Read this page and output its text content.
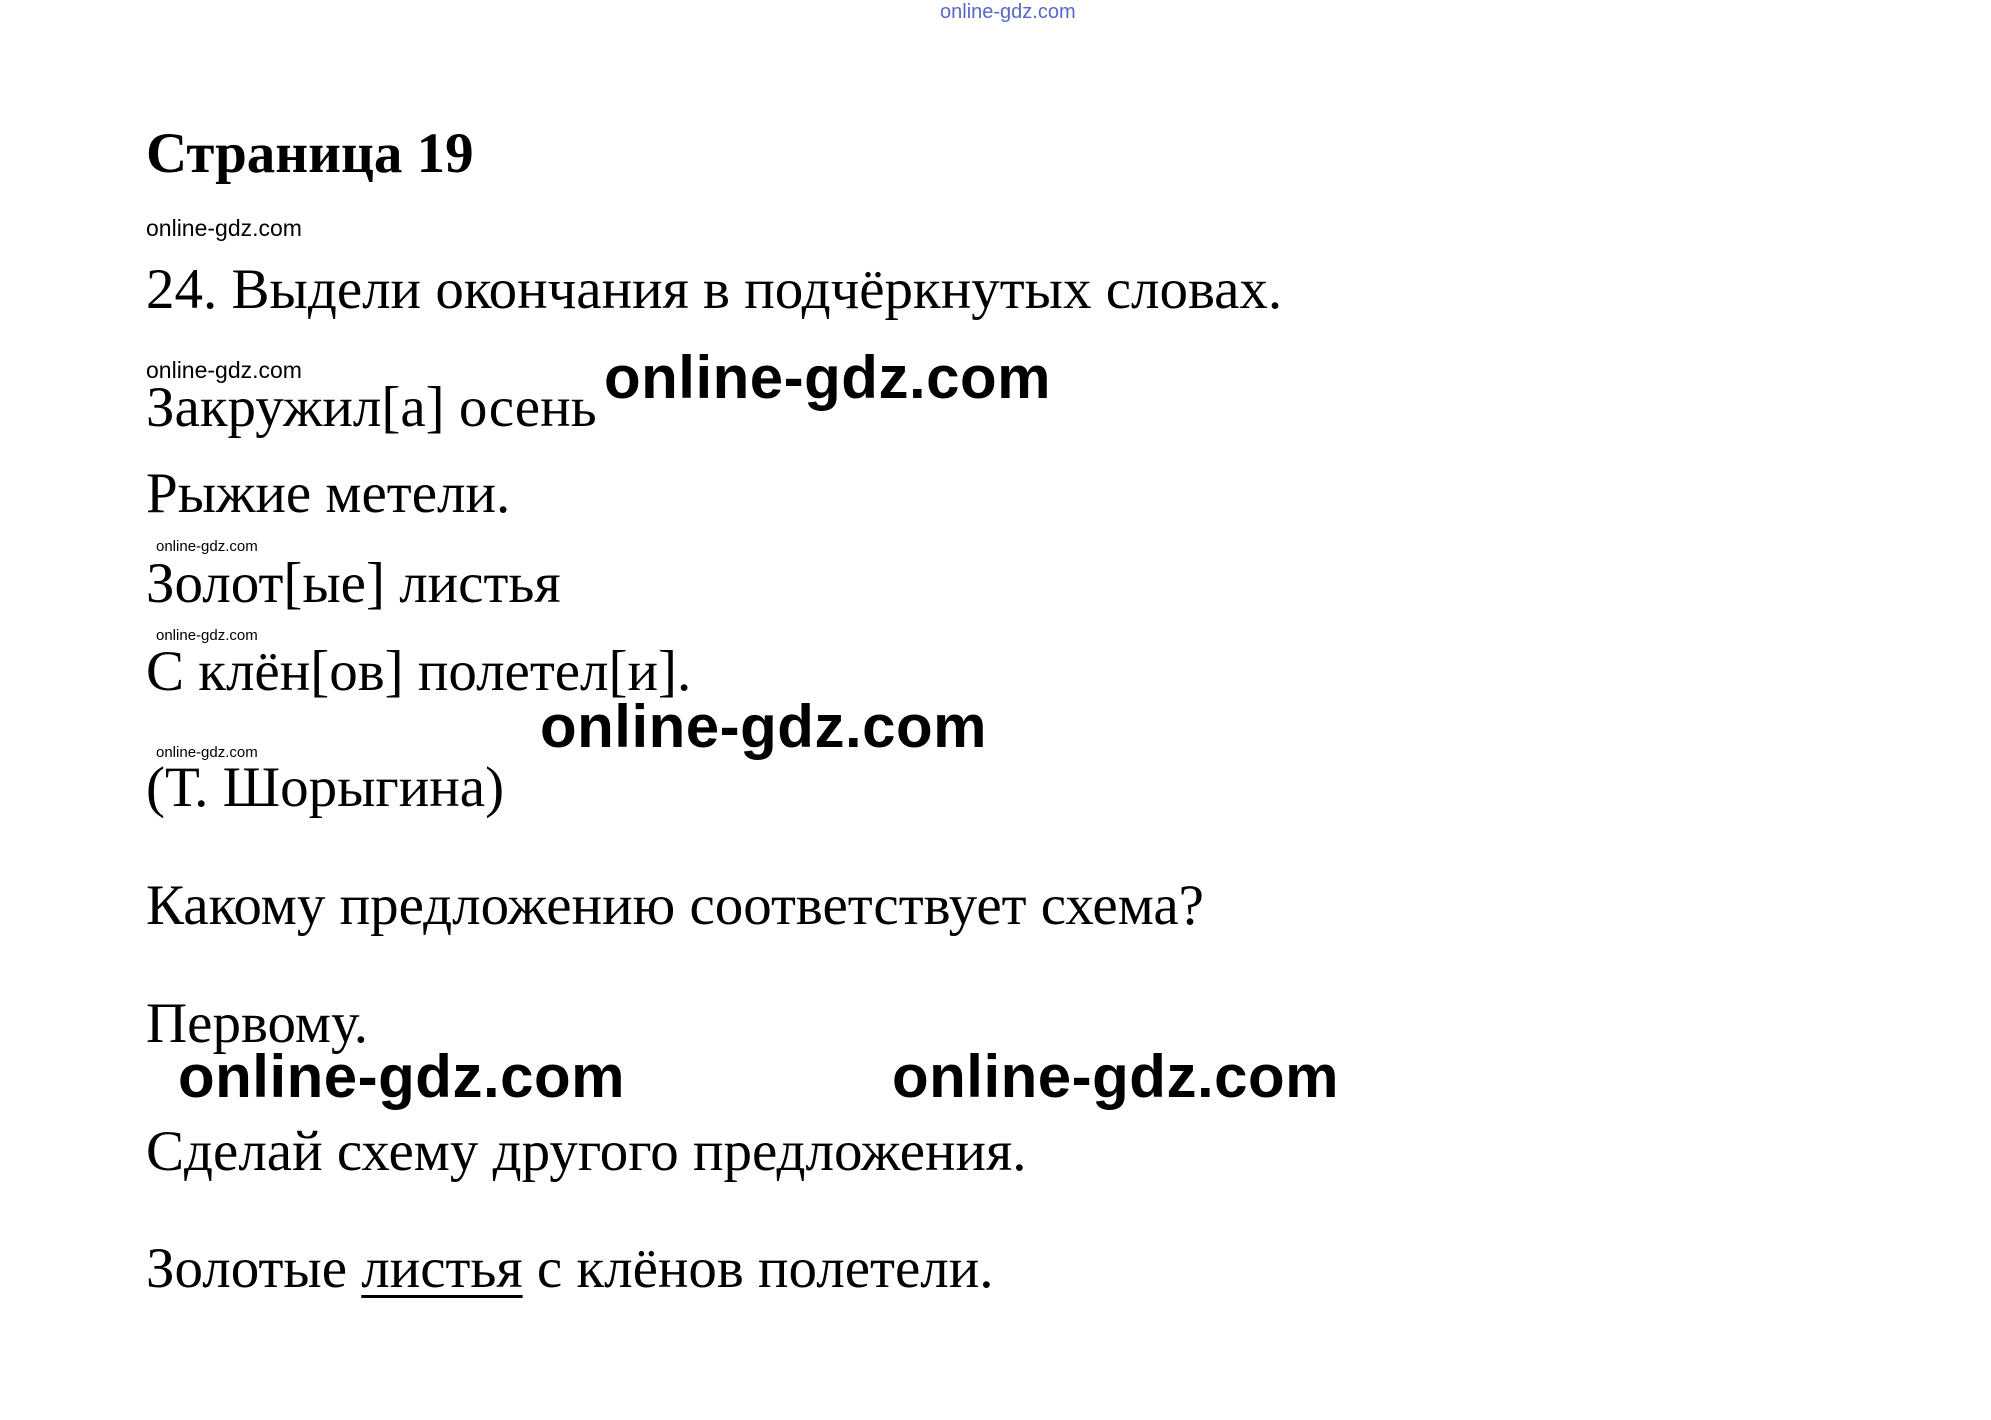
online-gdz.com
Страница 19
online-gdz.com
24. Выдели окончания в подчёркнутых словах.
online-gdz.com	online-gdz.com
Закружил[а] осень
Рыжие метели.
online-gdz.com
Золот[ые] листья
online-gdz.com
С клён[ов] полетел[и].
online-gdz.com
online-gdz.com
(Т. Шорыгина)
Какому предложению соответствует схема?
Первому.
online-gdz.com	online-gdz.com
Сделай схему другого предложения.
Золотые листья с клёнов полетели.
